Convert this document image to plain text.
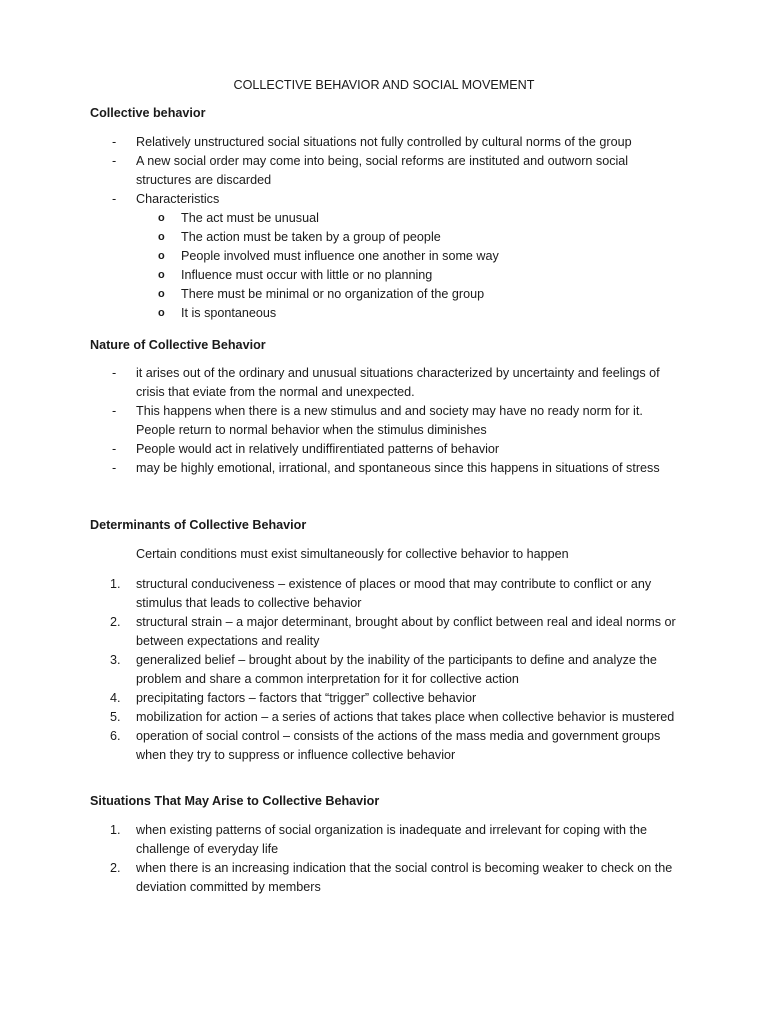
COLLECTIVE BEHAVIOR AND SOCIAL MOVEMENT
Collective behavior
- Relatively unstructured social situations not fully controlled by cultural norms of the group
- A new social order may come into being, social reforms are instituted and outworn social structures are discarded
- Characteristics
o The act must be unusual
o The action must be taken by a group of people
o People involved must influence one another in some way
o Influence must occur with little or no planning
o There must be minimal or no organization of the group
o It is spontaneous
Nature of Collective Behavior
- it arises out of the ordinary and unusual situations characterized by uncertainty and feelings of crisis that eviate from the normal and unexpected.
- This happens when there is a new stimulus and and society may have no ready norm for it. People return to normal behavior when the stimulus diminishes
- People would act in relatively undiffirentiated patterns of behavior
- may be highly emotional, irrational, and spontaneous since this happens in situations of stress
Determinants of Collective Behavior
Certain conditions must exist simultaneously for collective behavior to happen
1. structural conduciveness – existence of places or mood that may contribute to conflict or any stimulus that leads to collective behavior
2. structural strain – a major determinant, brought about by conflict between real and ideal norms or between expectations and reality
3. generalized belief – brought about by the inability of the participants to define and analyze the problem and share a common interpretation for it for collective action
4. precipitating factors – factors that “trigger” collective behavior
5. mobilization for action – a series of actions that takes place when collective behavior is mustered
6. operation of social control – consists of the actions of the mass media and government groups when they try to suppress or influence collective behavior
Situations That May Arise to Collective Behavior
1. when existing patterns of social organization is inadequate and irrelevant for coping with the challenge of everyday life
2. when there is an increasing indication that the social control is becoming weaker to check on the deviation committed by members
